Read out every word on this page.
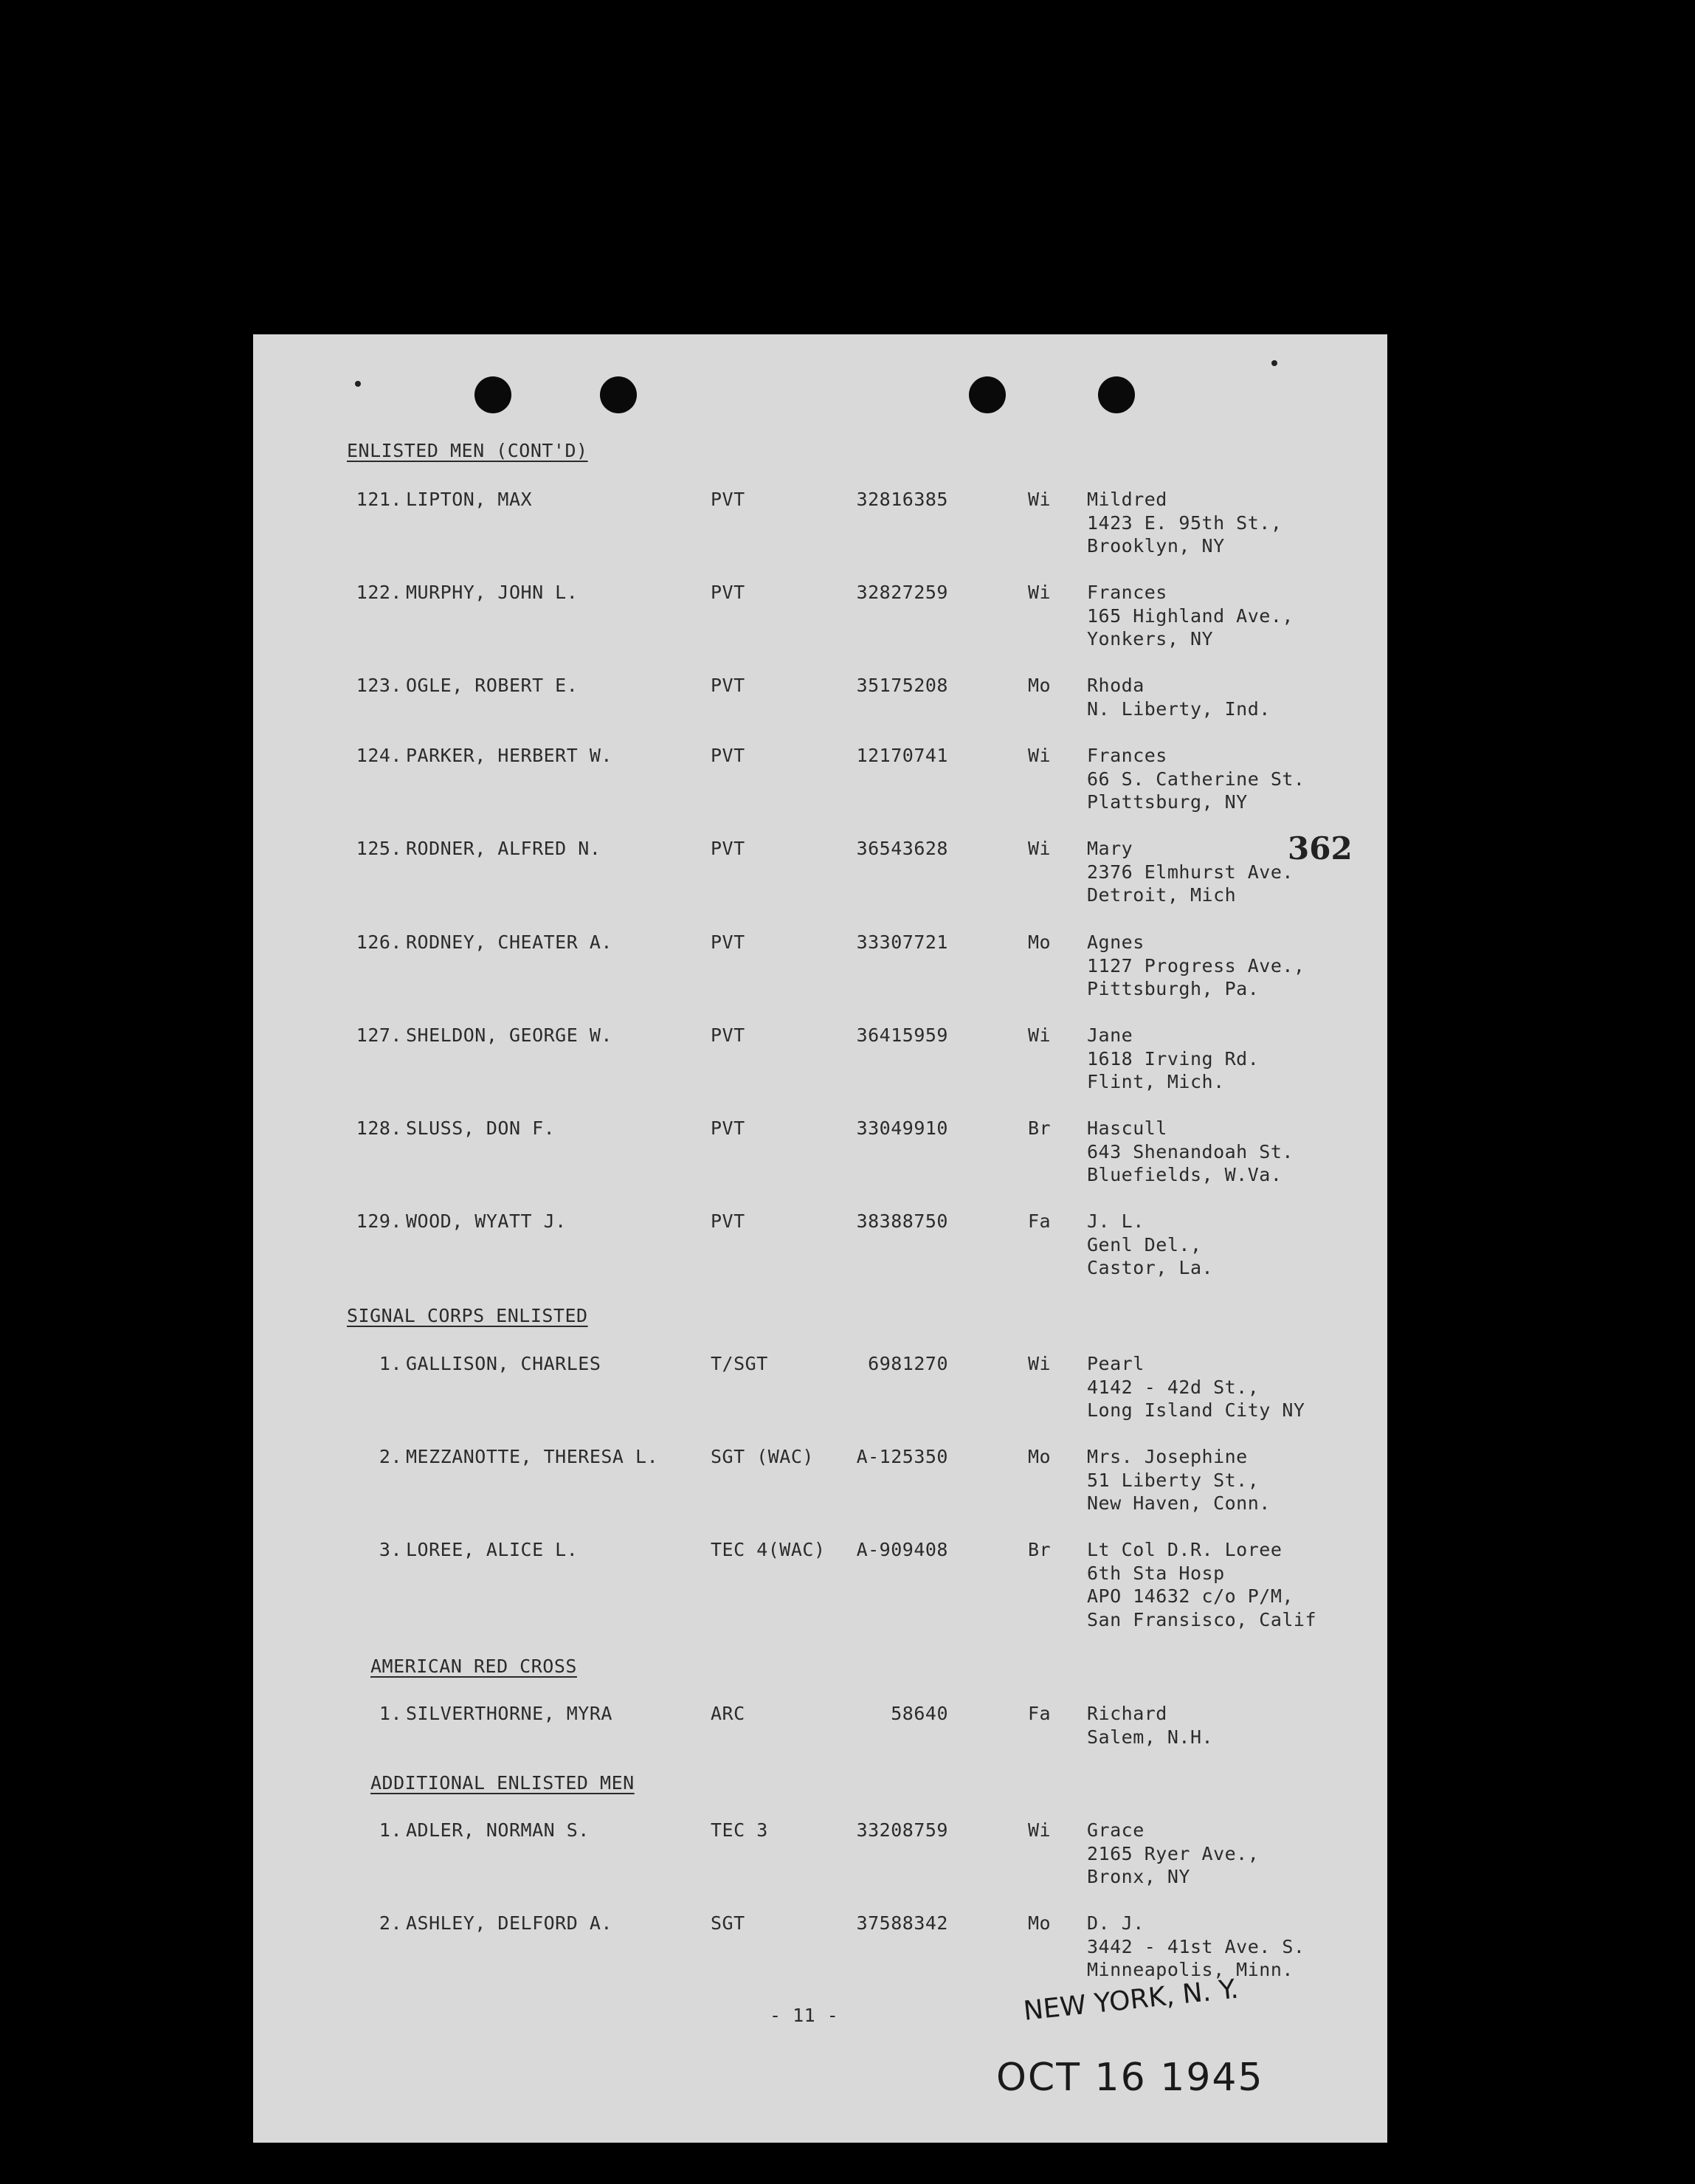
ENLISTED MEN (CONT'D)
121. LIPTON, MAX	PVT	32816385	Wi Mildred
1423 E. 95th St.,
Brooklyn, NY
122. MURPHY, JOHN L.	PVT	32827259	Wi Frances
165 Highland Ave.,
Yonkers, NY
123. OGLE, ROBERT E.	PVT	35175208	Mo Rhoda
N. Liberty, Ind.
124. PARKER, HERBERT W.	PVT	12170741	Wi Frances
66 S. Catherine St.
Plattsburg, NY
125. RODNER, ALFRED N.	PVT	36543628	Wi Mary
2376 Elmhurst Ave.
Detroit, Mich
126. RODNEY, CHEATER A.	PVT	33307721	Mo Agnes
1127 Progress Ave.,
Pittsburgh, Pa.
127. SHELDON, GEORGE W.	PVT	36415959	Wi Jane
1618 Irving Rd.
Flint, Mich.
128. SLUSS, DON F.	PVT	33049910	Br Hascull
643 Shenandoah St.
Bluefields, W.Va.
129. WOOD, WYATT J.	PVT	38388750	Fa J. L.
Genl Del.,
Castor, La.
SIGNAL CORPS ENLISTED
1. GALLISON, CHARLES	T/SGT	6981270	Wi Pearl
4142 - 42d St.,
Long Island City NY
2. MEZZANOTTE, THERESA L.	SGT (WAC)	A-125350	Mo Mrs. Josephine
51 Liberty St.,
New Haven, Conn.
3. LOREE, ALICE L.	TEC 4(WAC)	A-909408	Br Lt Col D.R. Loree
6th Sta Hosp
APO 14632 c/o P/M,
San Fransisco, Calif
AMERICAN RED CROSS
1. SILVERTHORNE, MYRA	ARC	58640	Fa Richard
Salem, N.H.
ADDITIONAL ENLISTED MEN
1. ADLER, NORMAN S.	TEC 3	33208759	Wi Grace
2165 Ryer Ave.,
Bronx, NY
2. ASHLEY, DELFORD A.	SGT	37588342	Mo D. J.
3442 - 41st Ave. S.
Minneapolis, Minn.
362
- 11 -	NEW YORK, N. Y.
OCT 16 1945
